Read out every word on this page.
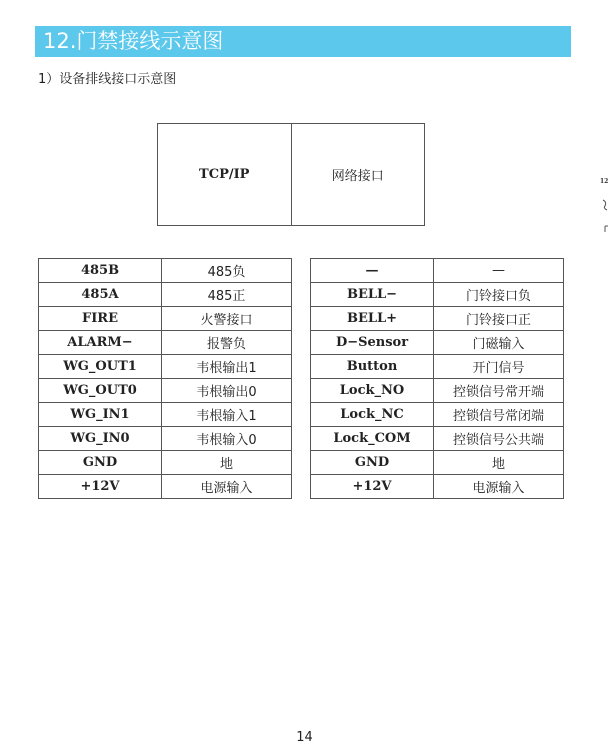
12.门禁接线示意图
1）设备排线接口示意图
TCP/IP	网络接口
485B	485负
485A	485正
FIRE	火警接口
ALARM−	报警负
WG_OUT1	韦根输出1
WG_OUT0	韦根输出0
WG_IN1	韦根输入1
WG_IN0	韦根输入0
GND	地
+12V	电源输入
—	—
BELL−	门铃接口负
BELL+	门铃接口正
D−Sensor	门磁输入
Button	开门信号
Lock_NO	控锁信号常开端
Lock_NC	控锁信号常闭端
Lock_COM	控锁信号公共端
GND	地
+12V	电源输入
12
14
